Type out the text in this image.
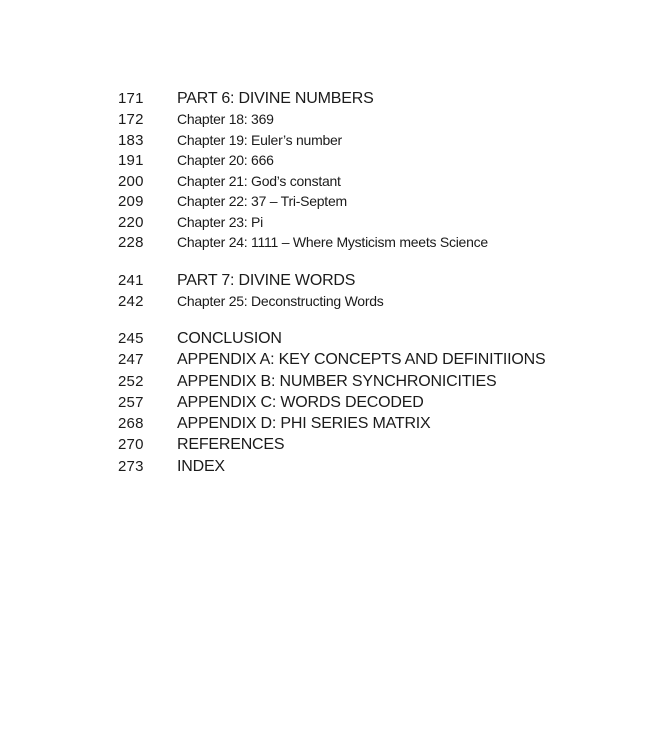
171	PART 6: DIVINE NUMBERS
172	Chapter 18: 369
183	Chapter 19: Euler’s number
191	Chapter 20: 666
200	Chapter 21: God’s constant
209	Chapter 22: 37 – Tri-Septem
220	Chapter 23: Pi
228	Chapter 24: 1111 – Where Mysticism meets Science
241	PART 7: DIVINE WORDS
242	Chapter 25: Deconstructing Words
245	CONCLUSION
247	APPENDIX A: KEY CONCEPTS AND DEFINITIIONS
252	APPENDIX B: NUMBER SYNCHRONICITIES
257	APPENDIX C: WORDS DECODED
268	APPENDIX D: PHI SERIES MATRIX
270	REFERENCES
273	INDEX
